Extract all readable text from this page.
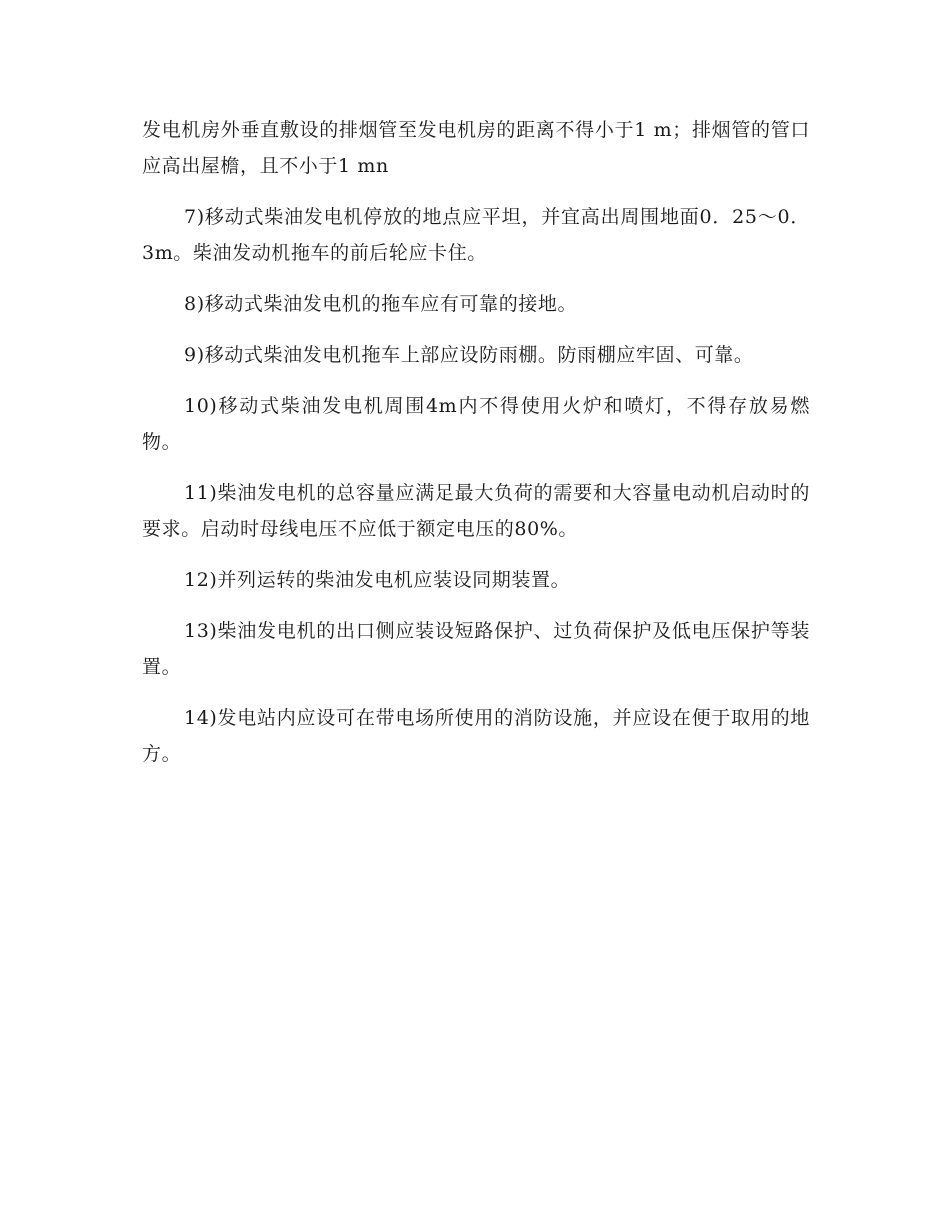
发电机房外垂直敷设的排烟管至发电机房的距离不得小于1 m；排烟管的管口应高出屋檐，且不小于1 mn

7)移动式柴油发电机停放的地点应平坦，并宜高出周围地面0．25～0．3m。柴油发动机拖车的前后轮应卡住。

8)移动式柴油发电机的拖车应有可靠的接地。

9)移动式柴油发电机拖车上部应设防雨棚。防雨棚应牢固、可靠。

10)移动式柴油发电机周围4m内不得使用火炉和喷灯，不得存放易燃物。

11)柴油发电机的总容量应满足最大负荷的需要和大容量电动机启动时的要求。启动时母线电压不应低于额定电压的80%。

12)并列运转的柴油发电机应装设同期装置。

13)柴油发电机的出口侧应装设短路保护、过负荷保护及低电压保护等装置。

14)发电站内应设可在带电场所使用的消防设施，并应设在便于取用的地方。
